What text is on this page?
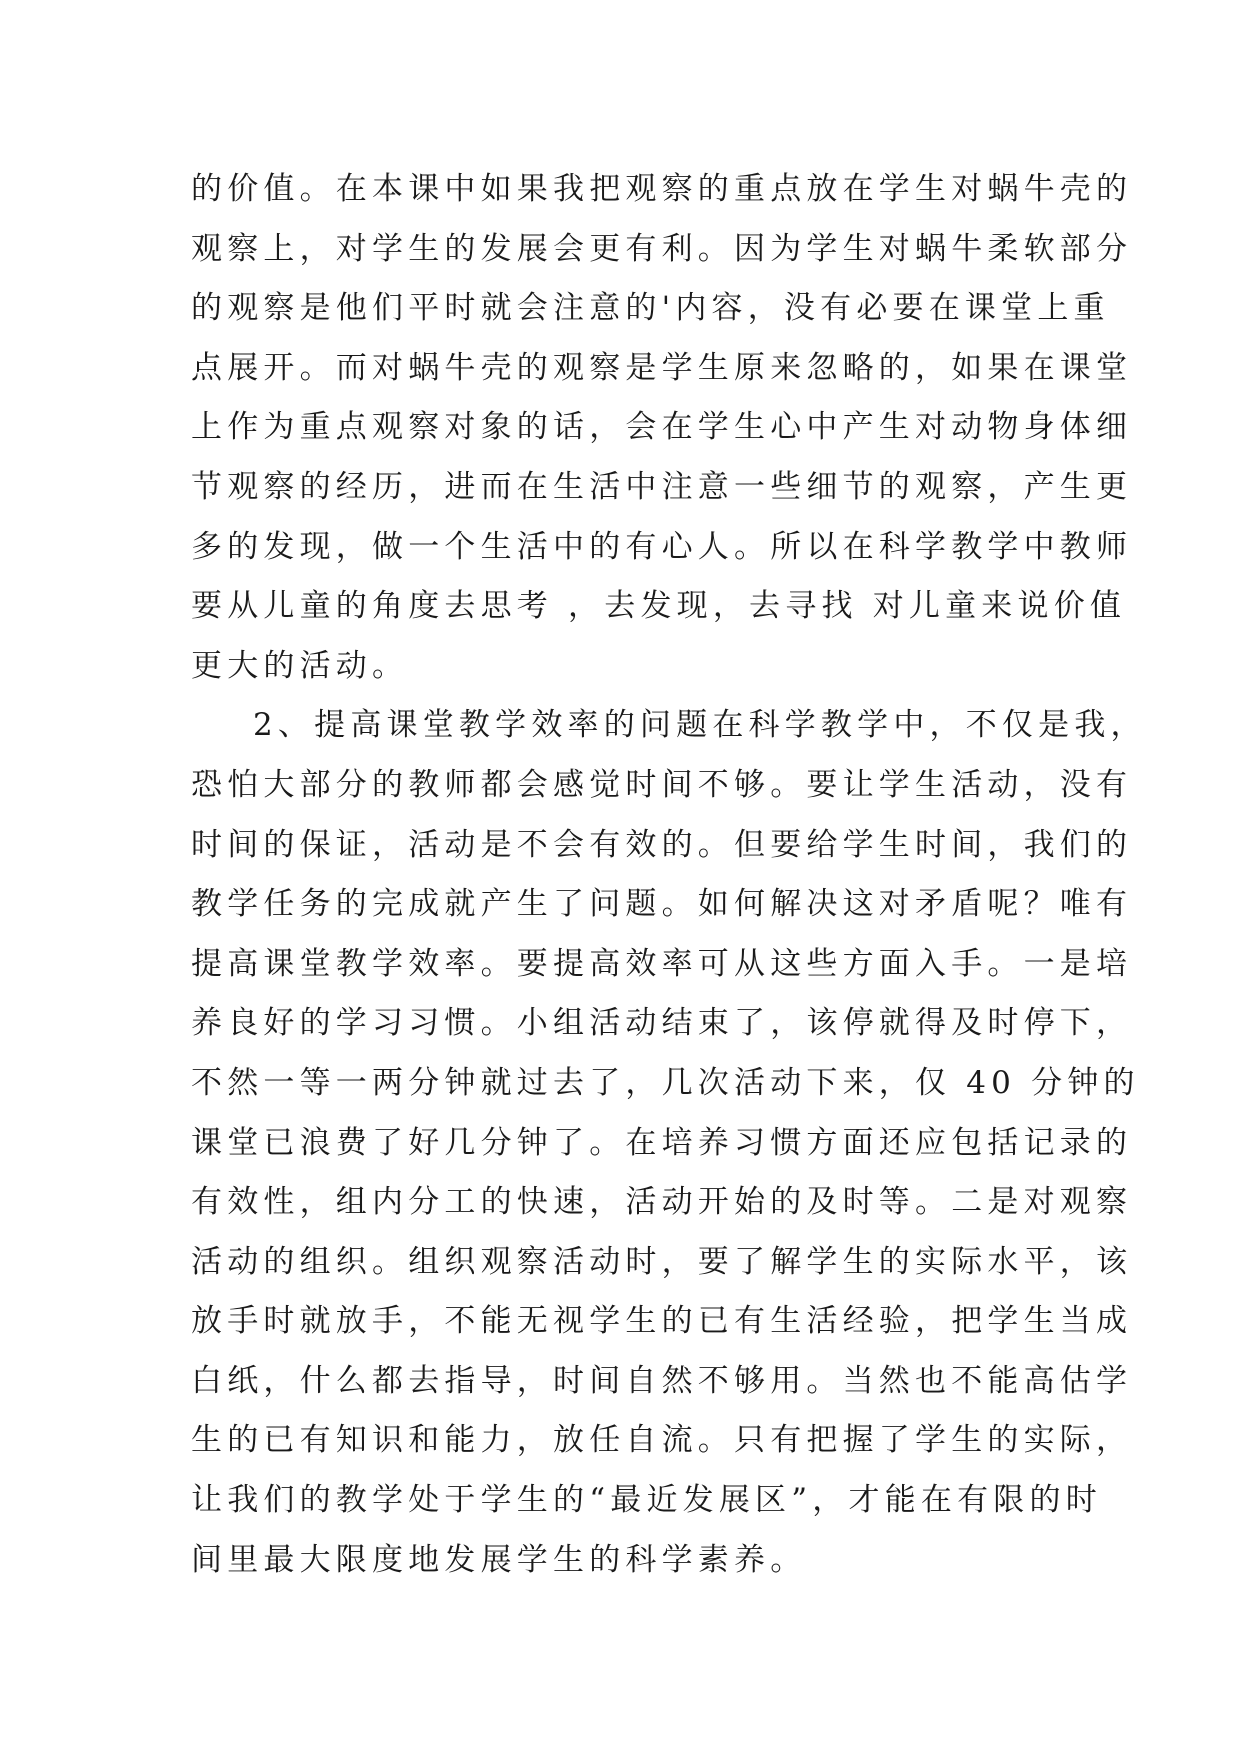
的价值。在本课中如果我把观察的重点放在学生对蜗牛壳的
观察上，对学生的发展会更有利。因为学生对蜗牛柔软部分
的观察是他们平时就会注意的'内容，没有必要在课堂上重
点展开。而对蜗牛壳的观察是学生原来忽略的，如果在课堂
上作为重点观察对象的话，会在学生心中产生对动物身体细
节观察的经历，进而在生活中注意一些细节的观察，产生更
多的发现，做一个生活中的有心人。所以在科学教学中教师
要从儿童的角度去思考 ，去发现，去寻找 对儿童来说价值
更大的活动。
2、提高课堂教学效率的问题在科学教学中，不仅是我，
恐怕大部分的教师都会感觉时间不够。要让学生活动，没有
时间的保证，活动是不会有效的。但要给学生时间，我们的
教学任务的完成就产生了问题。如何解决这对矛盾呢？唯有
提高课堂教学效率。要提高效率可从这些方面入手。一是培
养良好的学习习惯。小组活动结束了，该停就得及时停下，
不然一等一两分钟就过去了，几次活动下来，仅 40 分钟的
课堂已浪费了好几分钟了。在培养习惯方面还应包括记录的
有效性，组内分工的快速，活动开始的及时等。二是对观察
活动的组织。组织观察活动时，要了解学生的实际水平，该
放手时就放手，不能无视学生的已有生活经验，把学生当成
白纸，什么都去指导，时间自然不够用。当然也不能高估学
生的已有知识和能力，放任自流。只有把握了学生的实际，
让我们的教学处于学生的“最近发展区”，才能在有限的时
间里最大限度地发展学生的科学素养。
